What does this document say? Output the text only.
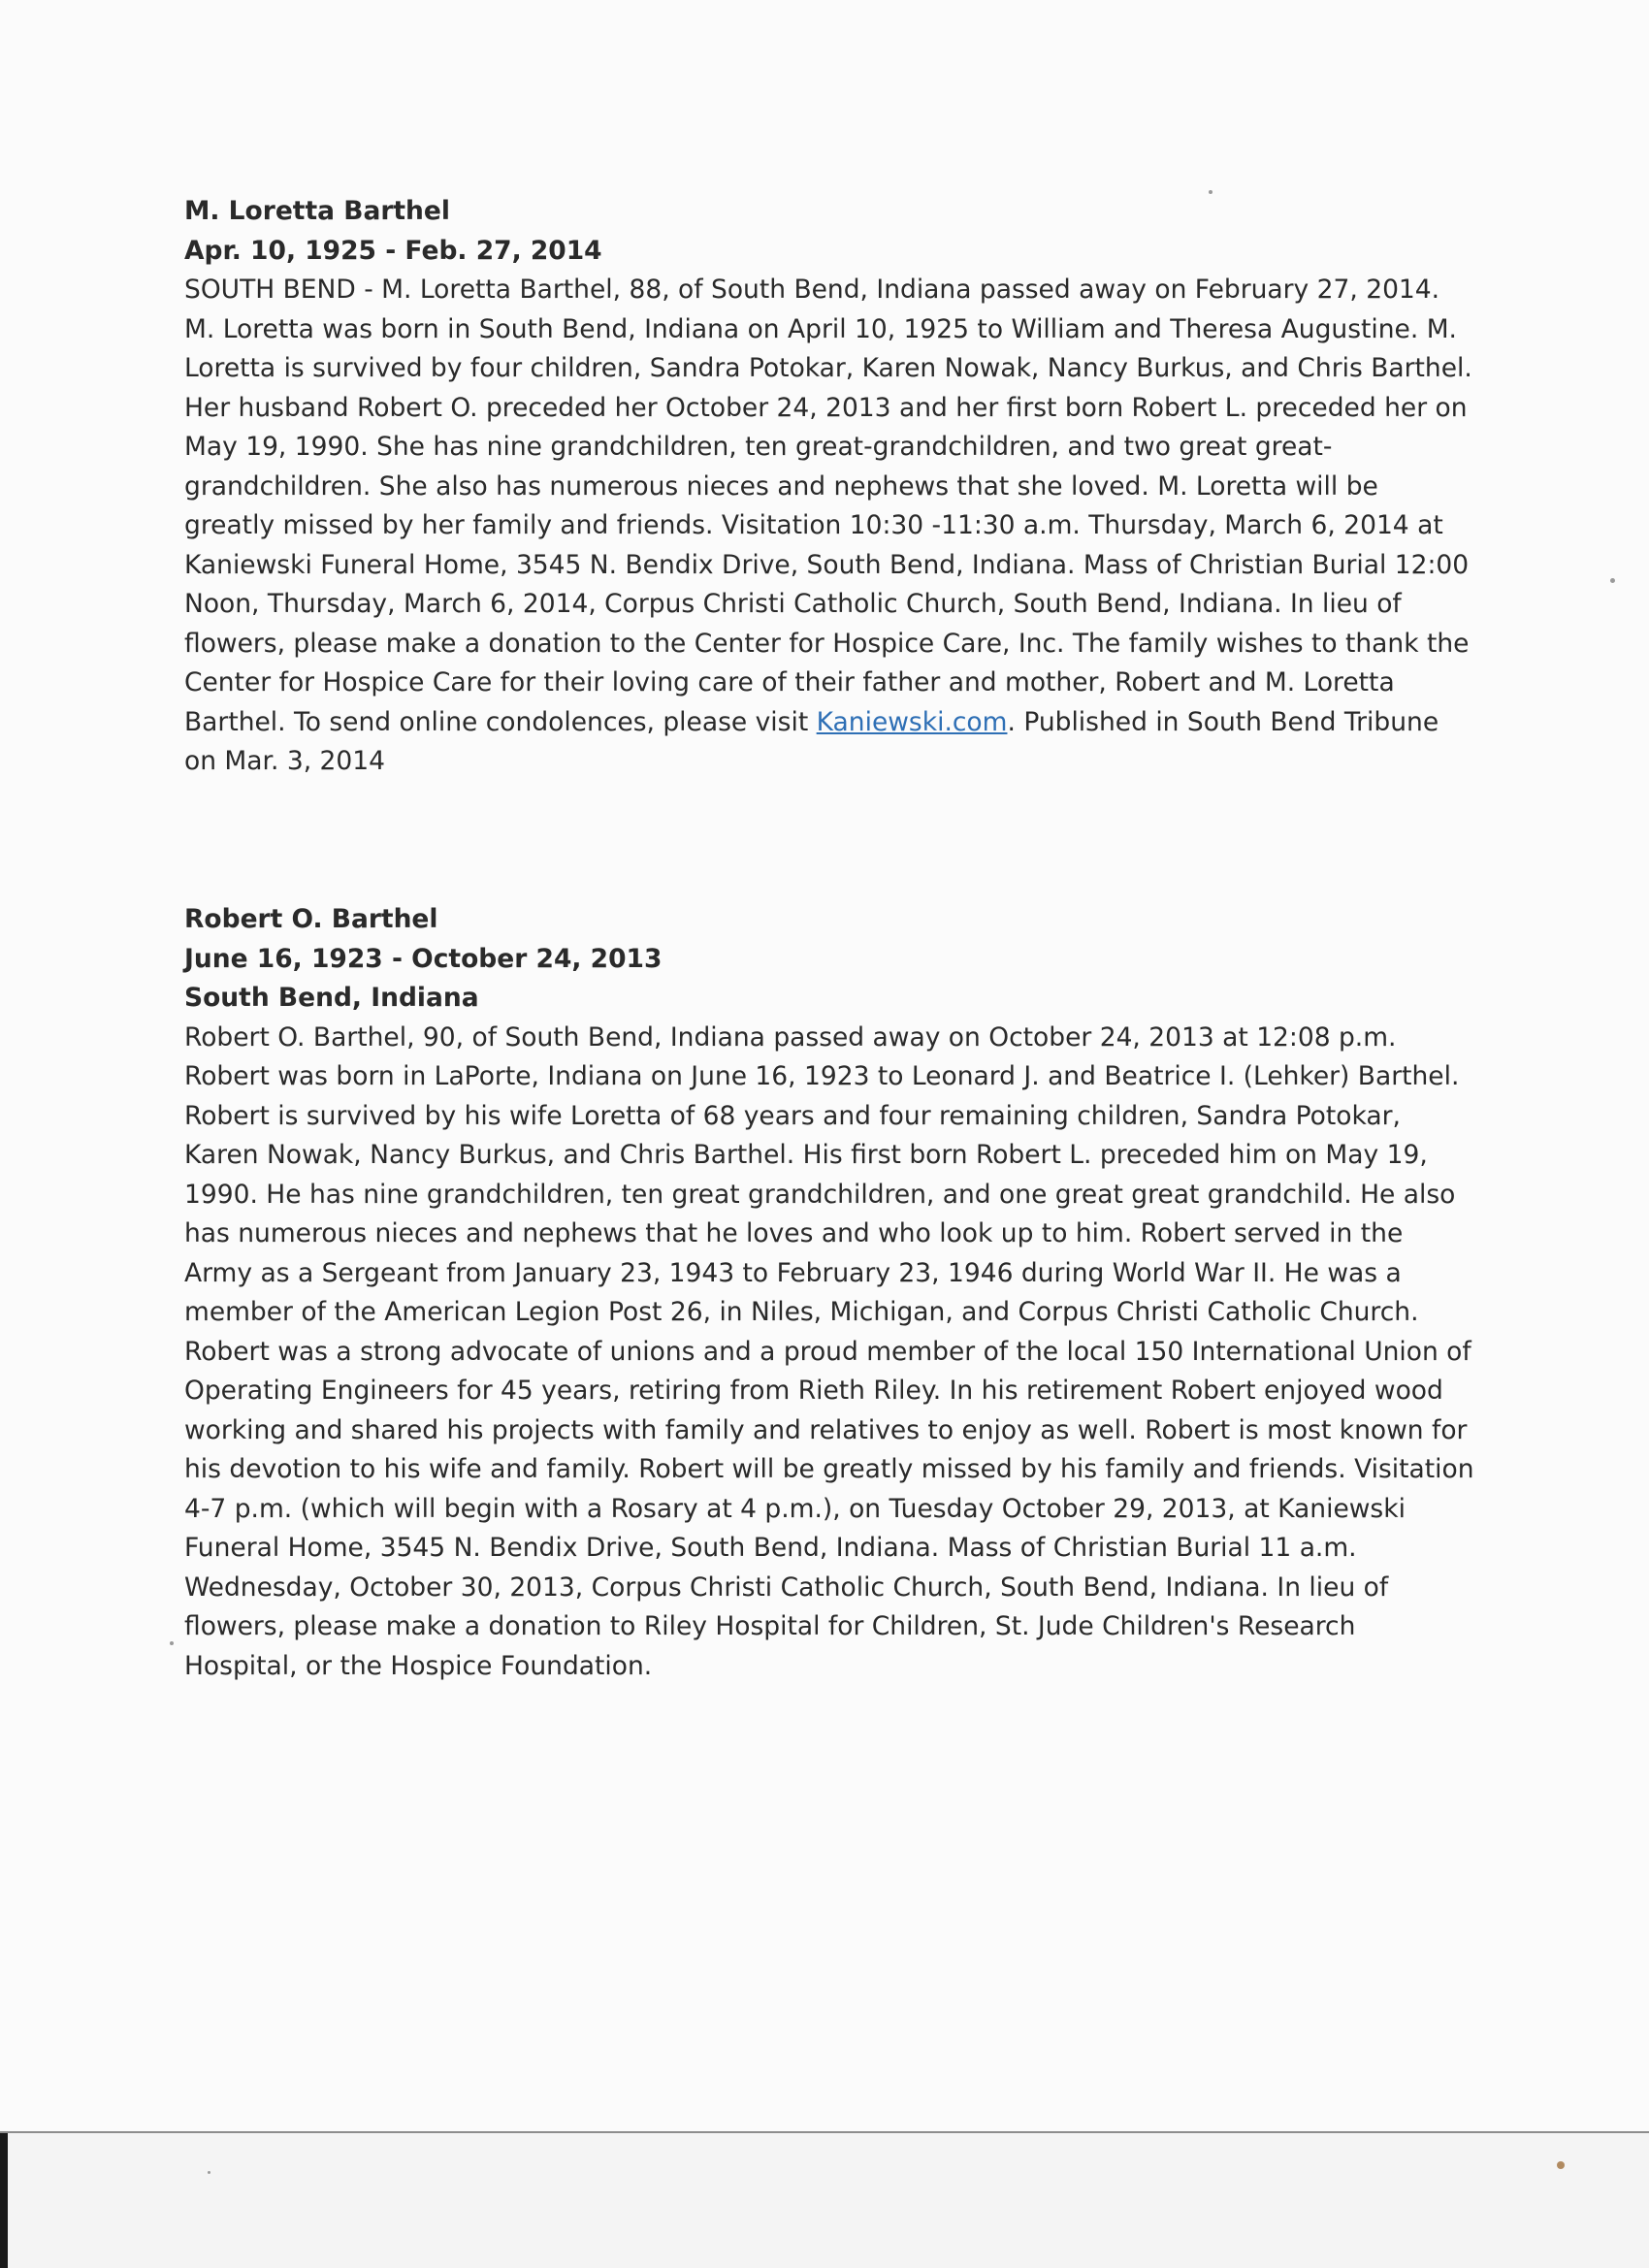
M. Loretta Barthel
Apr. 10, 1925 - Feb. 27, 2014
SOUTH BEND - M. Loretta Barthel, 88, of South Bend, Indiana passed away on February 27, 2014. M. Loretta was born in South Bend, Indiana on April 10, 1925 to William and Theresa Augustine. M. Loretta is survived by four children, Sandra Potokar, Karen Nowak, Nancy Burkus, and Chris Barthel. Her husband Robert O. preceded her October 24, 2013 and her first born Robert L. preceded her on May 19, 1990. She has nine grandchildren, ten great-grandchildren, and two great great-grandchildren. She also has numerous nieces and nephews that she loved. M. Loretta will be greatly missed by her family and friends. Visitation 10:30 -11:30 a.m. Thursday, March 6, 2014 at Kaniewski Funeral Home, 3545 N. Bendix Drive, South Bend, Indiana. Mass of Christian Burial 12:00 Noon, Thursday, March 6, 2014, Corpus Christi Catholic Church, South Bend, Indiana. In lieu of flowers, please make a donation to the Center for Hospice Care, Inc. The family wishes to thank the Center for Hospice Care for their loving care of their father and mother, Robert and M. Loretta Barthel. To send online condolences, please visit Kaniewski.com. Published in South Bend Tribune on Mar. 3, 2014
Robert O. Barthel
June 16, 1923 - October 24, 2013
South Bend, Indiana
Robert O. Barthel, 90, of South Bend, Indiana passed away on October 24, 2013 at 12:08 p.m. Robert was born in LaPorte, Indiana on June 16, 1923 to Leonard J. and Beatrice I. (Lehker) Barthel. Robert is survived by his wife Loretta of 68 years and four remaining children, Sandra Potokar, Karen Nowak, Nancy Burkus, and Chris Barthel. His first born Robert L. preceded him on May 19, 1990. He has nine grandchildren, ten great grandchildren, and one great great grandchild. He also has numerous nieces and nephews that he loves and who look up to him. Robert served in the Army as a Sergeant from January 23, 1943 to February 23, 1946 during World War II. He was a member of the American Legion Post 26, in Niles, Michigan, and Corpus Christi Catholic Church. Robert was a strong advocate of unions and a proud member of the local 150 International Union of Operating Engineers for 45 years, retiring from Rieth Riley. In his retirement Robert enjoyed wood working and shared his projects with family and relatives to enjoy as well. Robert is most known for his devotion to his wife and family. Robert will be greatly missed by his family and friends. Visitation 4-7 p.m. (which will begin with a Rosary at 4 p.m.), on Tuesday October 29, 2013, at Kaniewski Funeral Home, 3545 N. Bendix Drive, South Bend, Indiana. Mass of Christian Burial 11 a.m. Wednesday, October 30, 2013, Corpus Christi Catholic Church, South Bend, Indiana. In lieu of flowers, please make a donation to Riley Hospital for Children, St. Jude Children's Research Hospital, or the Hospice Foundation.
